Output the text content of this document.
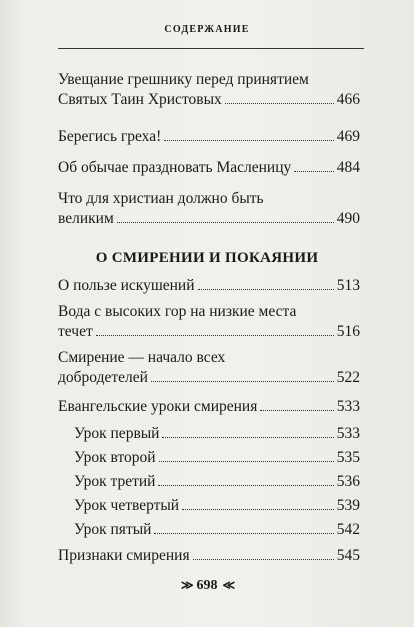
СОДЕРЖАНИЕ
Увещание грешнику перед принятием
Святых Таин Христовых	466
Берегись греха!	469
Об обычае праздновать Масленицу	484
Что для христиан должно быть
великим	490
О СМИРЕНИИ И ПОКАЯНИИ
О пользе искушений	513
Вода с высоких гор на низкие места
течет	516
Смирение — начало всех
добродетелей	522
Евангельские уроки смирения	533
Урок первый	533
Урок второй	535
Урок третий	536
Урок четвертый	539
Урок пятый	542
Признаки смирения	545
≫ 698 ≪
